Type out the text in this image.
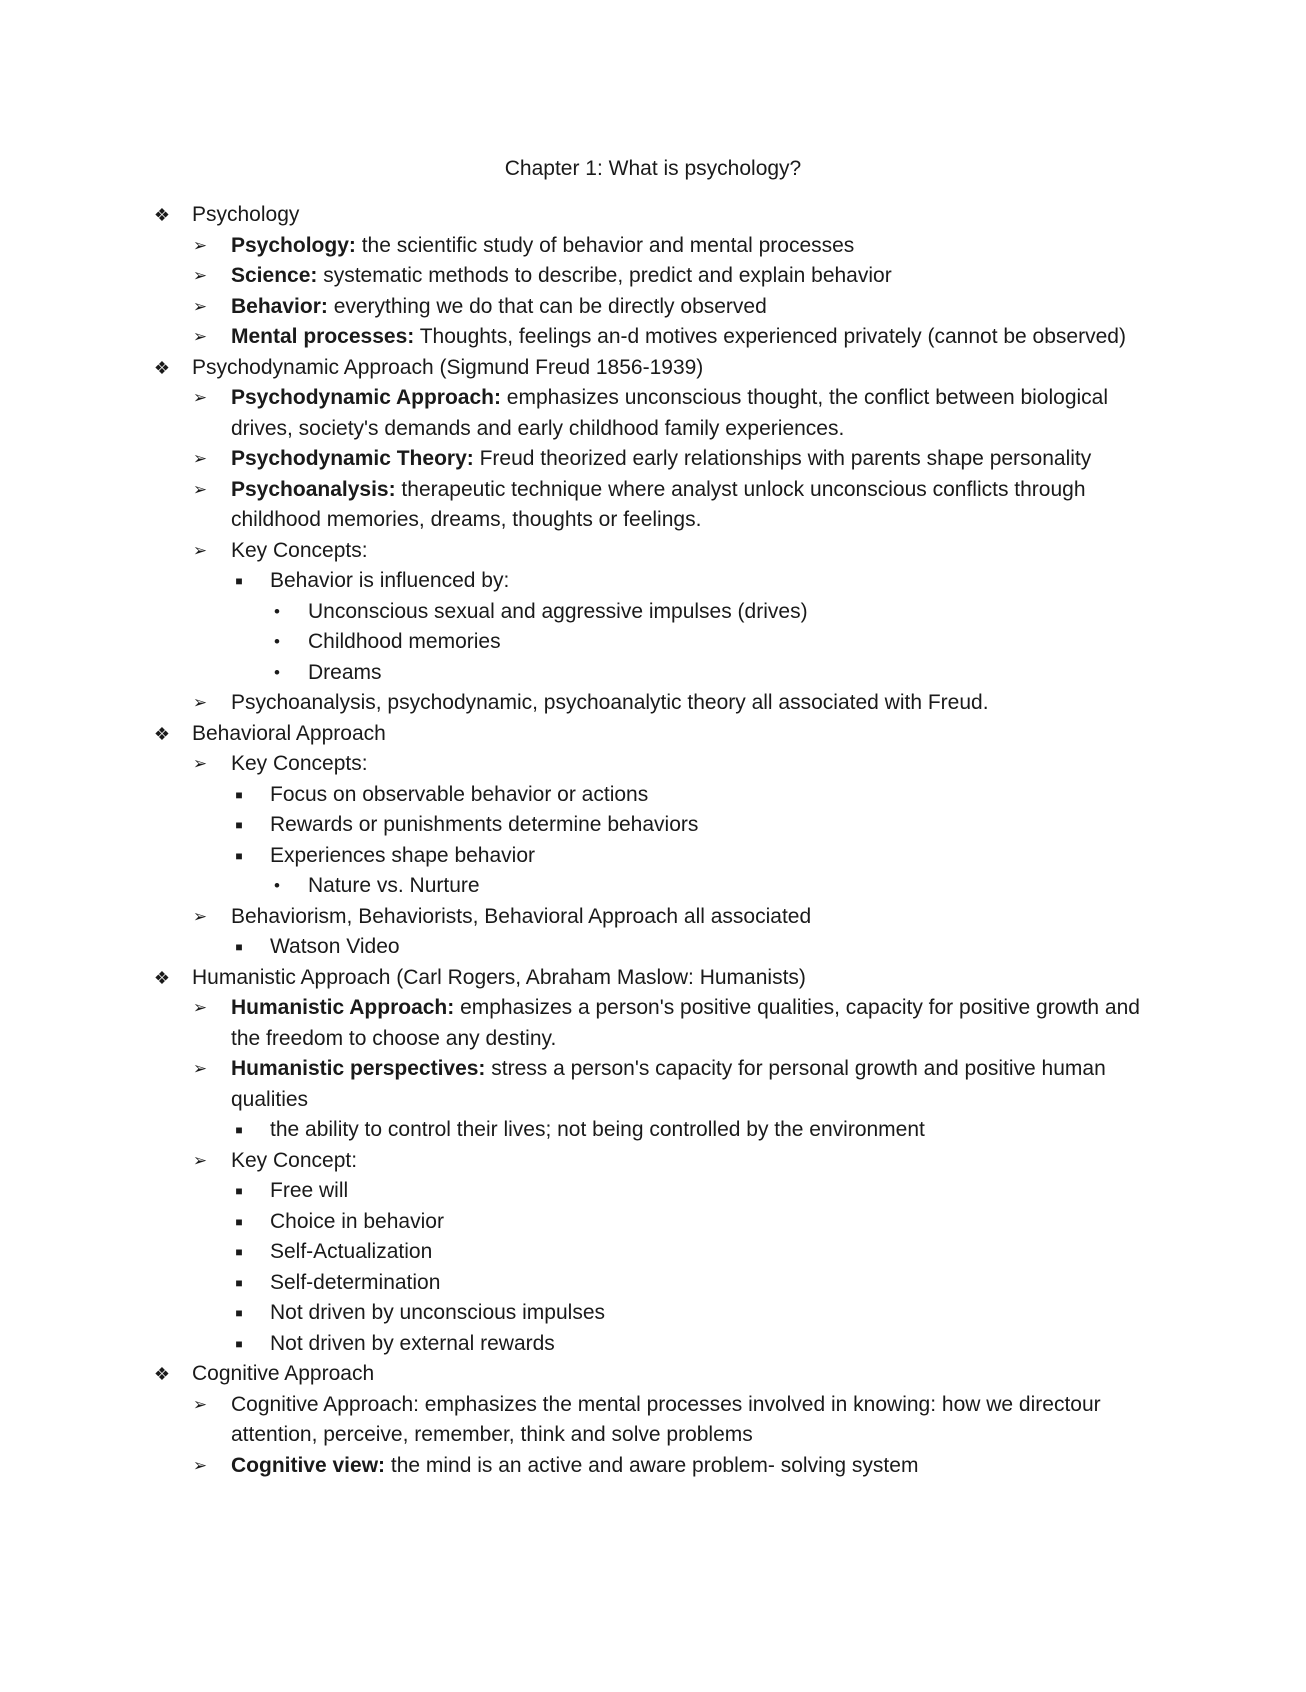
Chapter 1: What is psychology?
❖ Psychology
➢ Psychology: the scientific study of behavior and mental processes
➢ Science: systematic methods to describe, predict and explain behavior
➢ Behavior: everything we do that can be directly observed
➢ Mental processes: Thoughts, feelings an-d motives experienced privately (cannot be observed)
❖ Psychodynamic Approach (Sigmund Freud 1856-1939)
➢ Psychodynamic Approach: emphasizes unconscious thought, the conflict between biological drives, society's demands and early childhood family experiences.
➢ Psychodynamic Theory: Freud theorized early relationships with parents shape personality
➢ Psychoanalysis: therapeutic technique where analyst unlock unconscious conflicts through childhood memories, dreams, thoughts or feelings.
➢ Key Concepts:
■	Behavior is influenced by:
•	Unconscious sexual and aggressive impulses (drives)
•	Childhood memories
•	Dreams
➢ Psychoanalysis, psychodynamic, psychoanalytic theory all associated with Freud.
❖ Behavioral Approach
➢ Key Concepts:
■	Focus on observable behavior or actions
■	Rewards or punishments determine behaviors
■	Experiences shape behavior
•	Nature vs. Nurture
➢ Behaviorism, Behaviorists, Behavioral Approach all associated
■	Watson Video
❖ Humanistic Approach (Carl Rogers, Abraham Maslow: Humanists)
➢ Humanistic Approach: emphasizes a person's positive qualities, capacity for positive growth and the freedom to choose any destiny.
➢ Humanistic perspectives: stress a person's capacity for personal growth and positive human qualities
■	the ability to control their lives; not being controlled by the environment
➢ Key Concept:
■	Free will
■	Choice in behavior
■	Self-Actualization
■	Self-determination
■	Not driven by unconscious impulses
■	Not driven by external rewards
❖ Cognitive Approach
➢ Cognitive Approach: emphasizes the mental processes involved in knowing: how we directour attention, perceive, remember, think and solve problems
➢ Cognitive view: the mind is an active and aware problem- solving system
